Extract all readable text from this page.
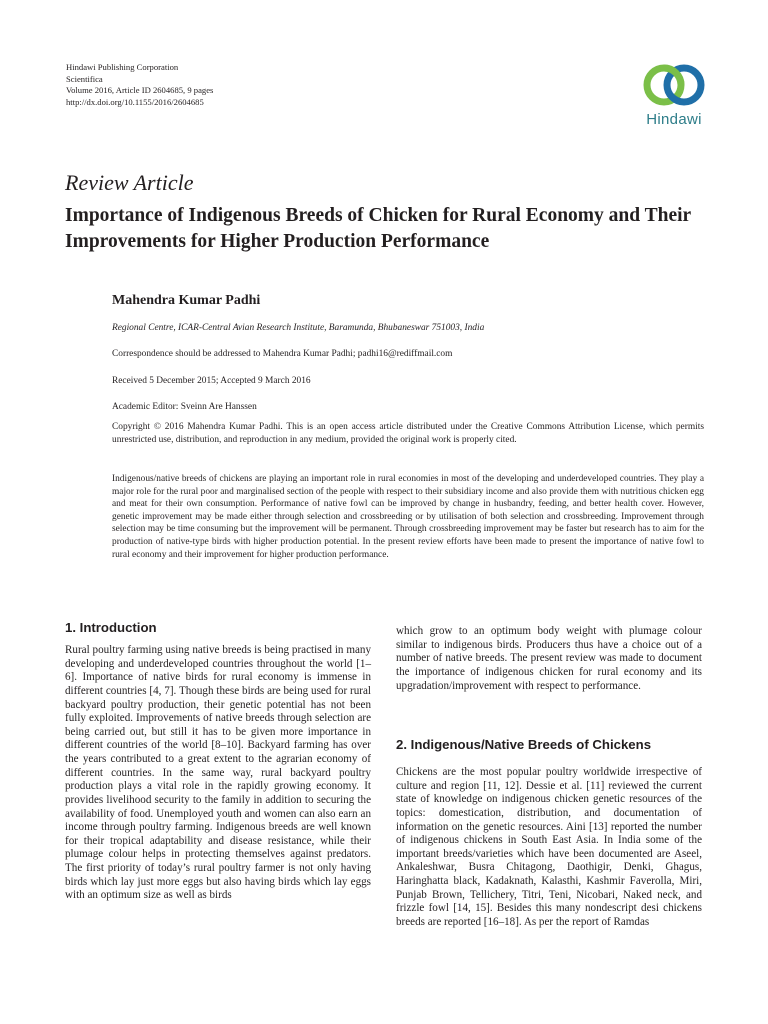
Hindawi Publishing Corporation
Scientifica
Volume 2016, Article ID 2604685, 9 pages
http://dx.doi.org/10.1155/2016/2604685
Hindawi
Review Article
Importance of Indigenous Breeds of Chicken for Rural Economy and Their Improvements for Higher Production Performance
Mahendra Kumar Padhi
Regional Centre, ICAR-Central Avian Research Institute, Baramunda, Bhubaneswar 751003, India
Correspondence should be addressed to Mahendra Kumar Padhi; padhi16@rediffmail.com
Received 5 December 2015; Accepted 9 March 2016
Academic Editor: Sveinn Are Hanssen
Copyright © 2016 Mahendra Kumar Padhi. This is an open access article distributed under the Creative Commons Attribution License, which permits unrestricted use, distribution, and reproduction in any medium, provided the original work is properly cited.
Indigenous/native breeds of chickens are playing an important role in rural economies in most of the developing and underdeveloped countries. They play a major role for the rural poor and marginalised section of the people with respect to their subsidiary income and also provide them with nutritious chicken egg and meat for their own consumption. Performance of native fowl can be improved by change in husbandry, feeding, and better health cover. However, genetic improvement may be made either through selection and crossbreeding or by utilisation of both selection and crossbreeding. Improvement through selection may be time consuming but the improvement will be permanent. Through crossbreeding improvement may be faster but research has to aim for the production of native-type birds with higher production potential. In the present review efforts have been made to present the importance of native fowl to rural economy and their improvement for higher production performance.
1. Introduction
Rural poultry farming using native breeds is being practised in many developing and underdeveloped countries throughout the world [1–6]. Importance of native birds for rural economy is immense in different countries [4, 7]. Though these birds are being used for rural backyard poultry production, their genetic potential has not been fully exploited. Improvements of native breeds through selection are being carried out, but still it has to be given more importance in different countries of the world [8–10]. Backyard farming has over the years contributed to a great extent to the agrarian economy of different countries. In the same way, rural backyard poultry production plays a vital role in the rapidly growing economy. It provides livelihood security to the family in addition to securing the availability of food. Unemployed youth and women can also earn an income through poultry farming. Indigenous breeds are well known for their tropical adaptability and disease resistance, while their plumage colour helps in protecting themselves against predators. The first priority of today’s rural poultry farmer is not only having birds which lay just more eggs but also having birds which lay eggs with an optimum size as well as birds
which grow to an optimum body weight with plumage colour similar to indigenous birds. Producers thus have a choice out of a number of native breeds. The present review was made to document the importance of indigenous chicken for rural economy and its upgradation/improvement with respect to performance.
2. Indigenous/Native Breeds of Chickens
Chickens are the most popular poultry worldwide irrespective of culture and region [11, 12]. Dessie et al. [11] reviewed the current state of knowledge on indigenous chicken genetic resources of the topics: domestication, distribution, and documentation of information on the genetic resources. Aini [13] reported the number of indigenous chickens in South East Asia. In India some of the important breeds/varieties which have been documented are Aseel, Ankaleshwar, Busra Chitagong, Daothigir, Denki, Ghagus, Haringhatta black, Kadaknath, Kalasthi, Kashmir Faverolla, Miri, Punjab Brown, Tellichery, Titri, Teni, Nicobari, Naked neck, and frizzle fowl [14, 15]. Besides this many nondescript desi chickens breeds are reported [16–18]. As per the report of Ramdas
